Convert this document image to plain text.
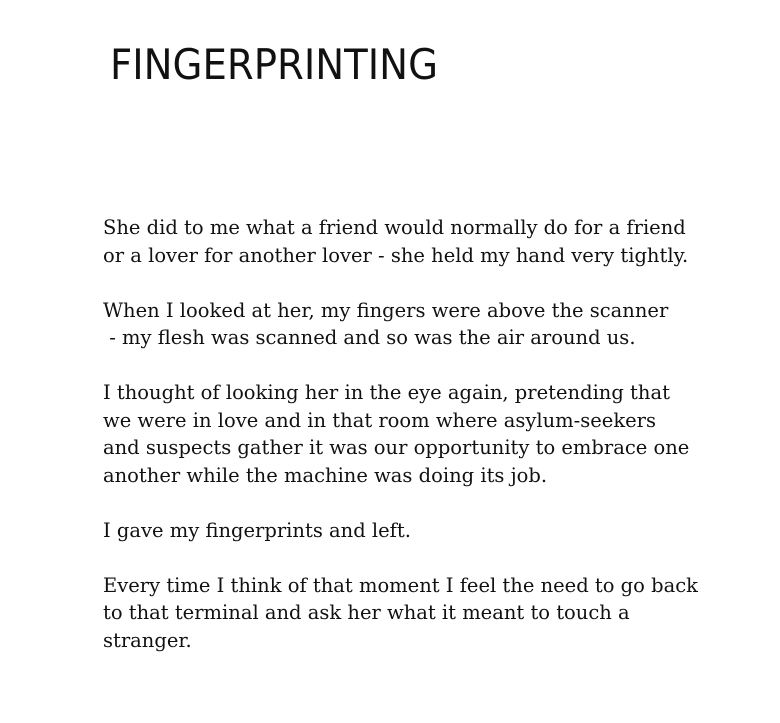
FINGERPRINTING

She did to me what a friend would normally do for a friend
or a lover for another lover - she held my hand very tightly.

When I looked at her, my fingers were above the scanner
- my flesh was scanned and so was the air around us.

I thought of looking her in the eye again, pretending that
we were in love and in that room where asylum-seekers
and suspects gather it was our opportunity to embrace one
another while the machine was doing its job.

I gave my fingerprints and left.

Every time I think of that moment I feel the need to go back
to that terminal and ask her what it meant to touch a
stranger.
